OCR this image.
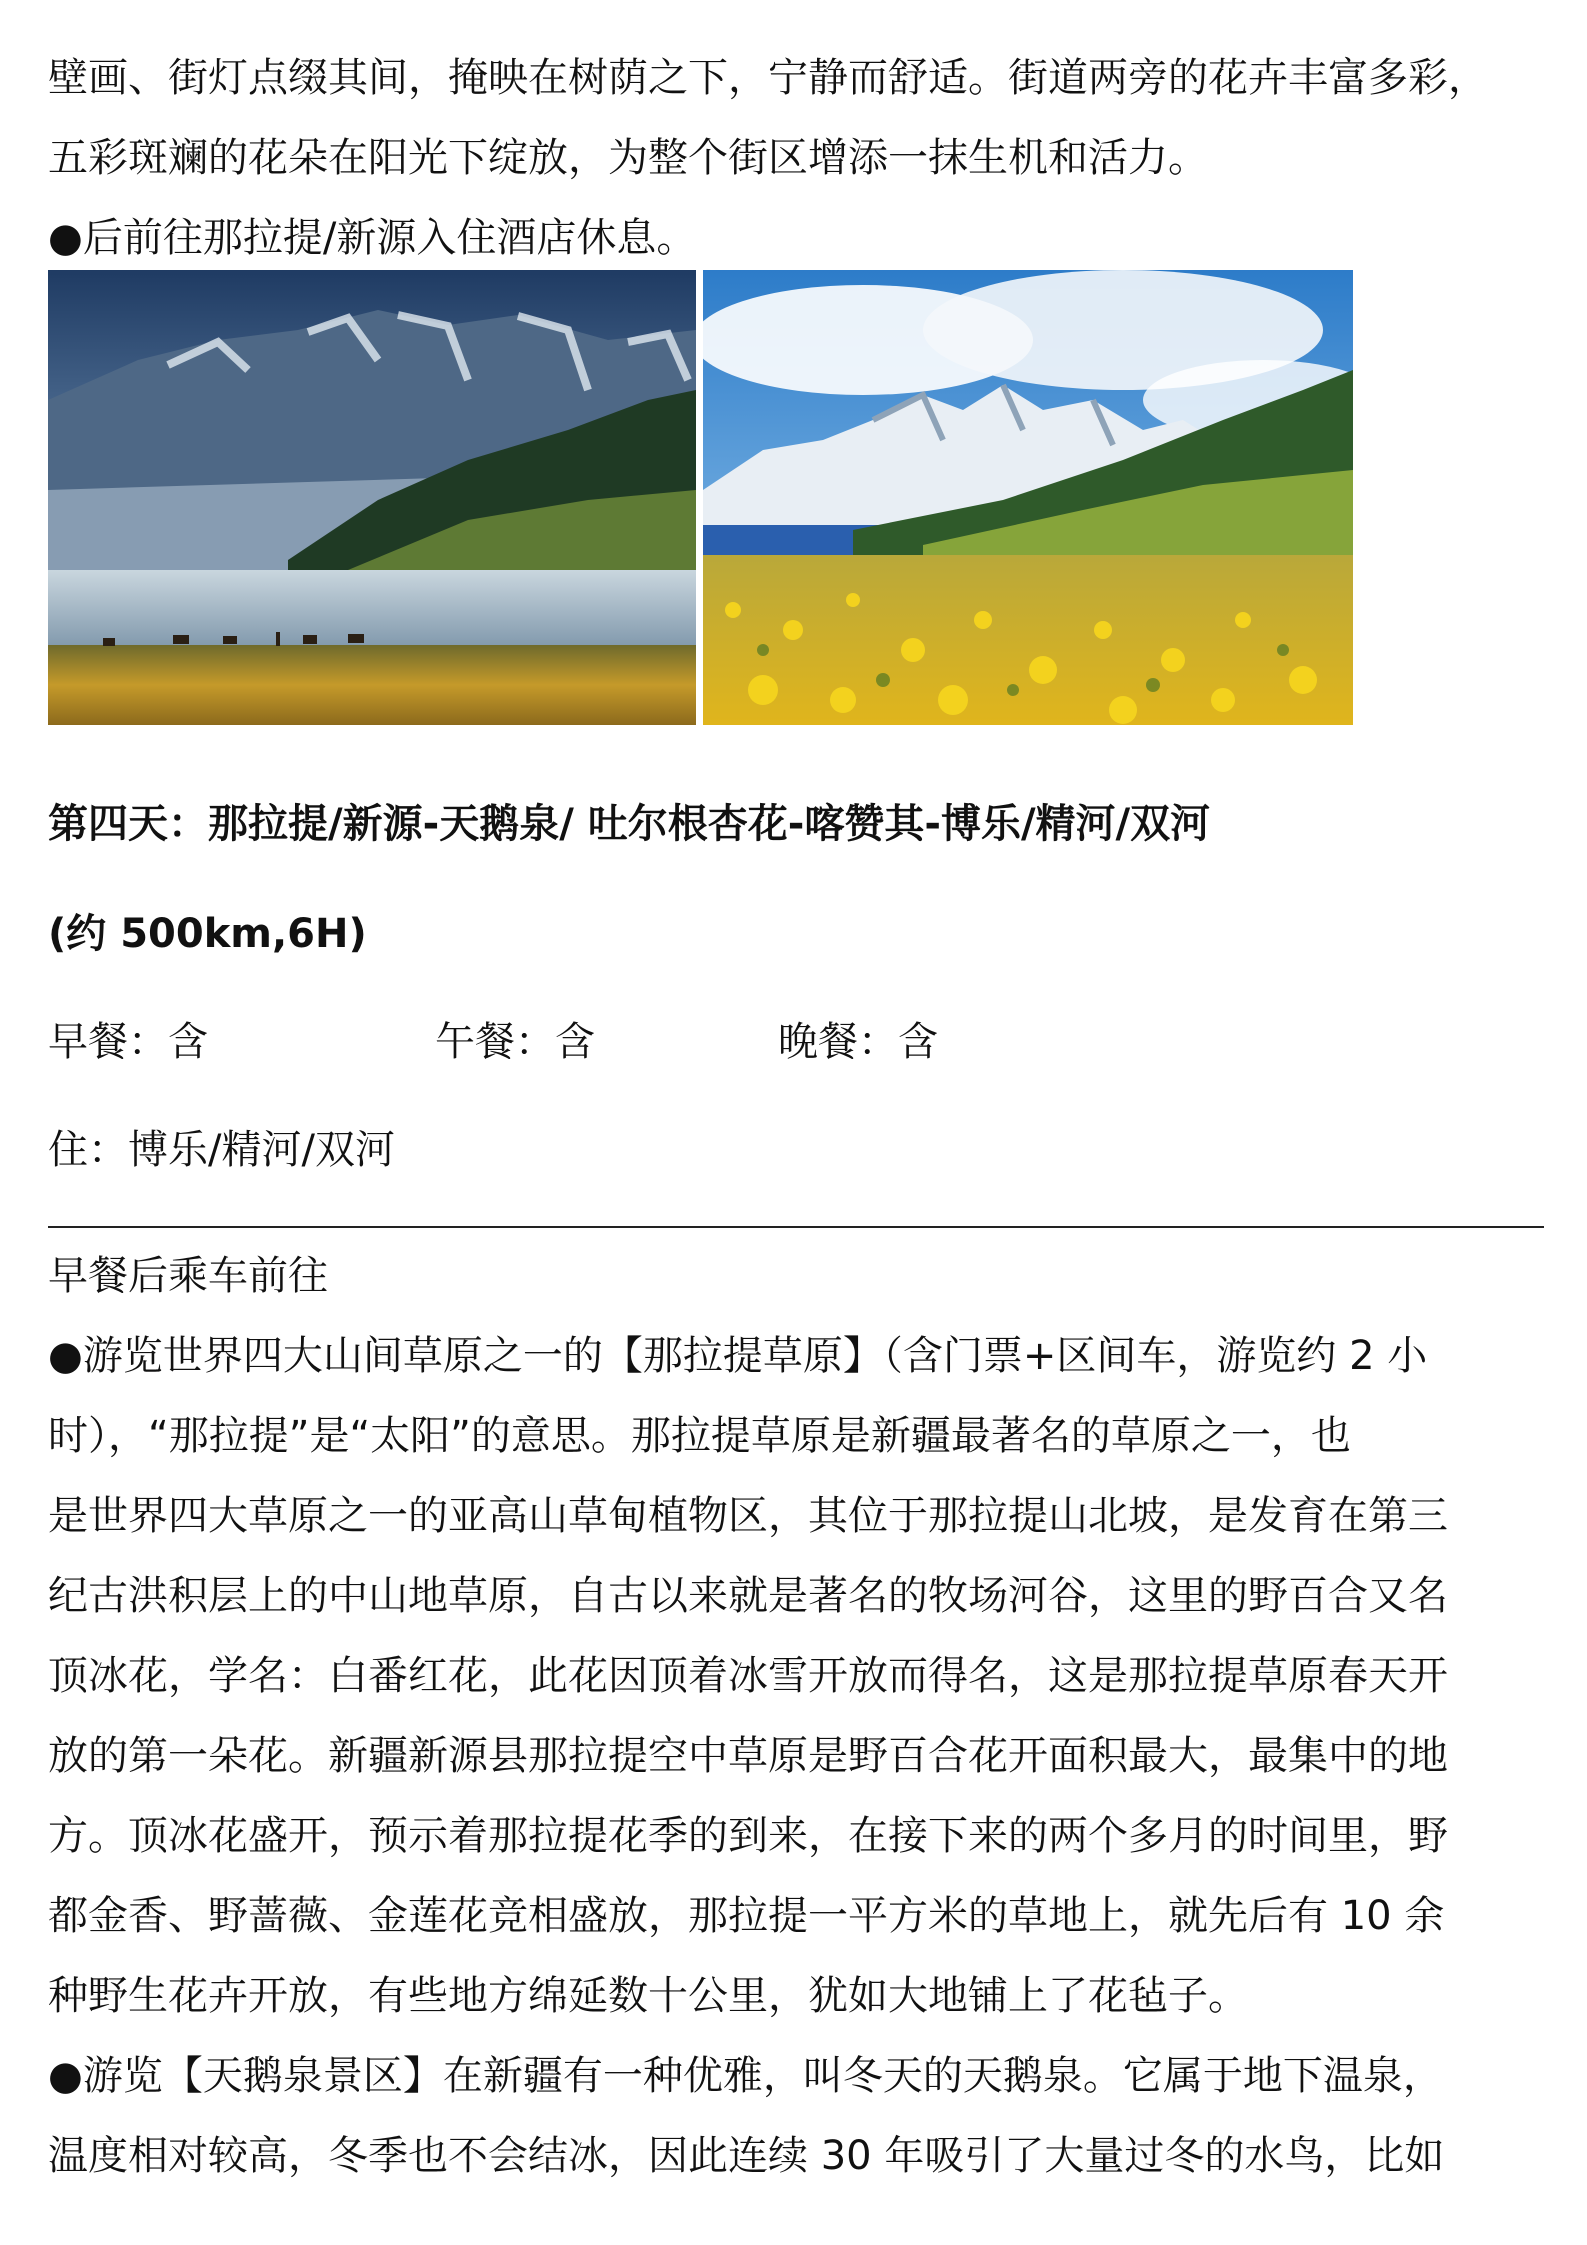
壁画、街灯点缀其间，掩映在树荫之下，宁静而舒适。街道两旁的花卉丰富多彩，
五彩斑斓的花朵在阳光下绽放，为整个街区增添一抹生机和活力。
●后前往那拉提/新源入住酒店休息。
第四天：那拉提/新源-天鹅泉/ 吐尔根杏花-喀赞其-博乐/精河/双河
(约 500km,6H)
早餐：含	午餐：含	晚餐：含
住：博乐/精河/双河
早餐后乘车前往
●游览世界四大山间草原之一的【那拉提草原】（含门票+区间车，游览约 2 小
时），“那拉提”是“太阳”的意思。那拉提草原是新疆最著名的草原之一，也
是世界四大草原之一的亚高山草甸植物区，其位于那拉提山北坡，是发育在第三
纪古洪积层上的中山地草原，自古以来就是著名的牧场河谷，这里的野百合又名
顶冰花，学名：白番红花，此花因顶着冰雪开放而得名，这是那拉提草原春天开
放的第一朵花。新疆新源县那拉提空中草原是野百合花开面积最大，最集中的地
方。顶冰花盛开，预示着那拉提花季的到来，在接下来的两个多月的时间里，野
都金香、野蔷薇、金莲花竞相盛放，那拉提一平方米的草地上，就先后有 10 余
种野生花卉开放，有些地方绵延数十公里，犹如大地铺上了花毡子。
●游览【天鹅泉景区】在新疆有一种优雅，叫冬天的天鹅泉。它属于地下温泉，
温度相对较高，冬季也不会结冰，因此连续 30 年吸引了大量过冬的水鸟，比如
